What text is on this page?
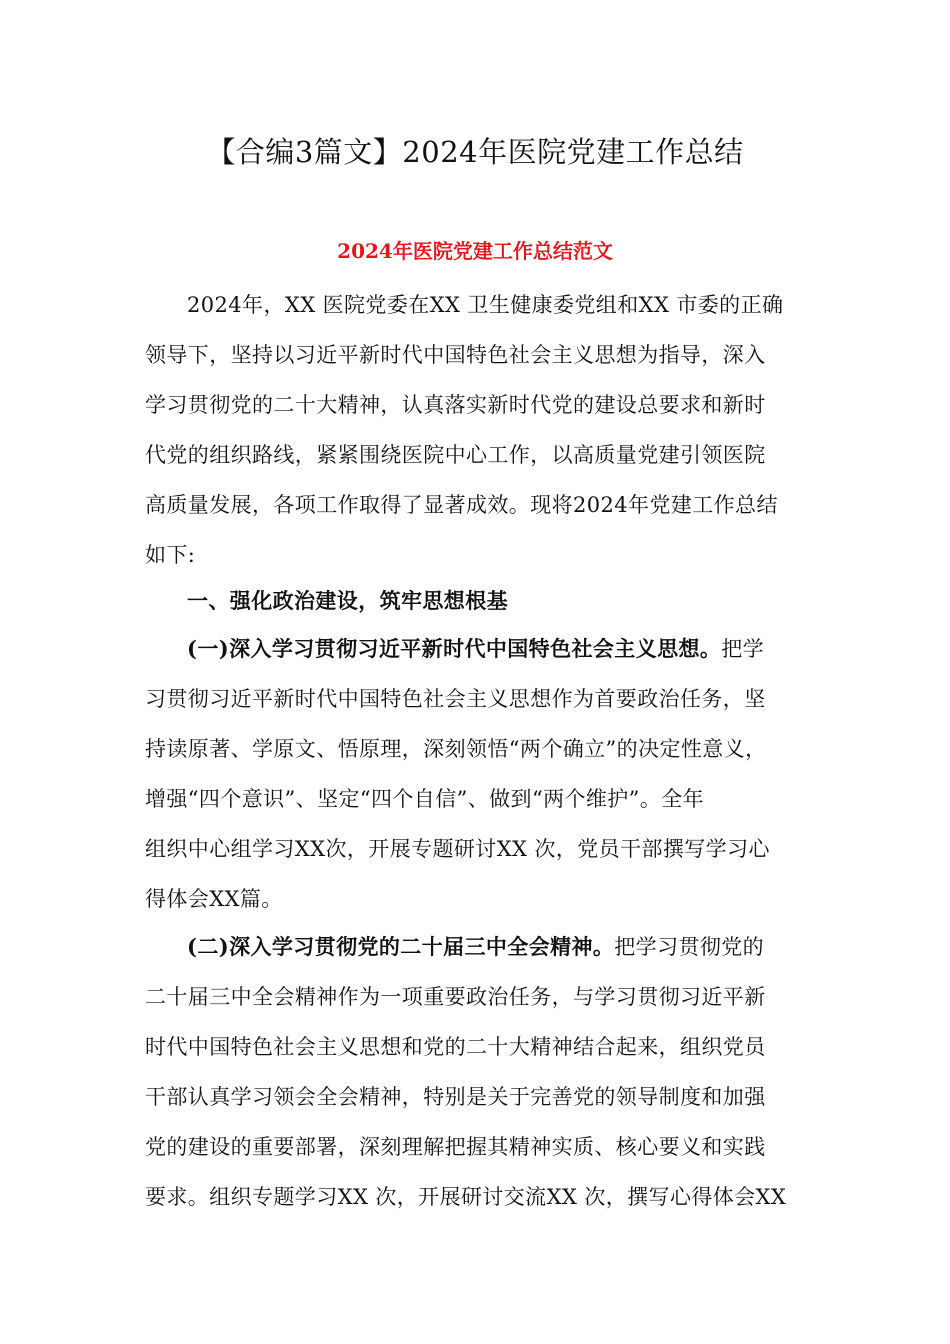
【合编3篇文】2024年医院党建工作总结
2024年医院党建工作总结范文
2024年，XX 医院党委在XX 卫生健康委党组和XX 市委的正确
领导下，坚持以习近平新时代中国特色社会主义思想为指导，深入
学习贯彻党的二十大精神，认真落实新时代党的建设总要求和新时
代党的组织路线，紧紧围绕医院中心工作，以高质量党建引领医院
高质量发展，各项工作取得了显著成效。现将2024年党建工作总结
如下:
一、强化政治建设，筑牢思想根基
(一)深入学习贯彻习近平新时代中国特色社会主义思想。把学
习贯彻习近平新时代中国特色社会主义思想作为首要政治任务，坚
持读原著、学原文、悟原理，深刻领悟“两个确立”的决定性意义，
增强“四个意识”、坚定“四个自信”、做到“两个维护”。全年
组织中心组学习XX次，开展专题研讨XX 次，党员干部撰写学习心
得体会XX篇。
(二)深入学习贯彻党的二十届三中全会精神。把学习贯彻党的
二十届三中全会精神作为一项重要政治任务，与学习贯彻习近平新
时代中国特色社会主义思想和党的二十大精神结合起来，组织党员
干部认真学习领会全会精神，特别是关于完善党的领导制度和加强
党的建设的重要部署，深刻理解把握其精神实质、核心要义和实践
要求。组织专题学习XX 次，开展研讨交流XX 次，撰写心得体会XX
